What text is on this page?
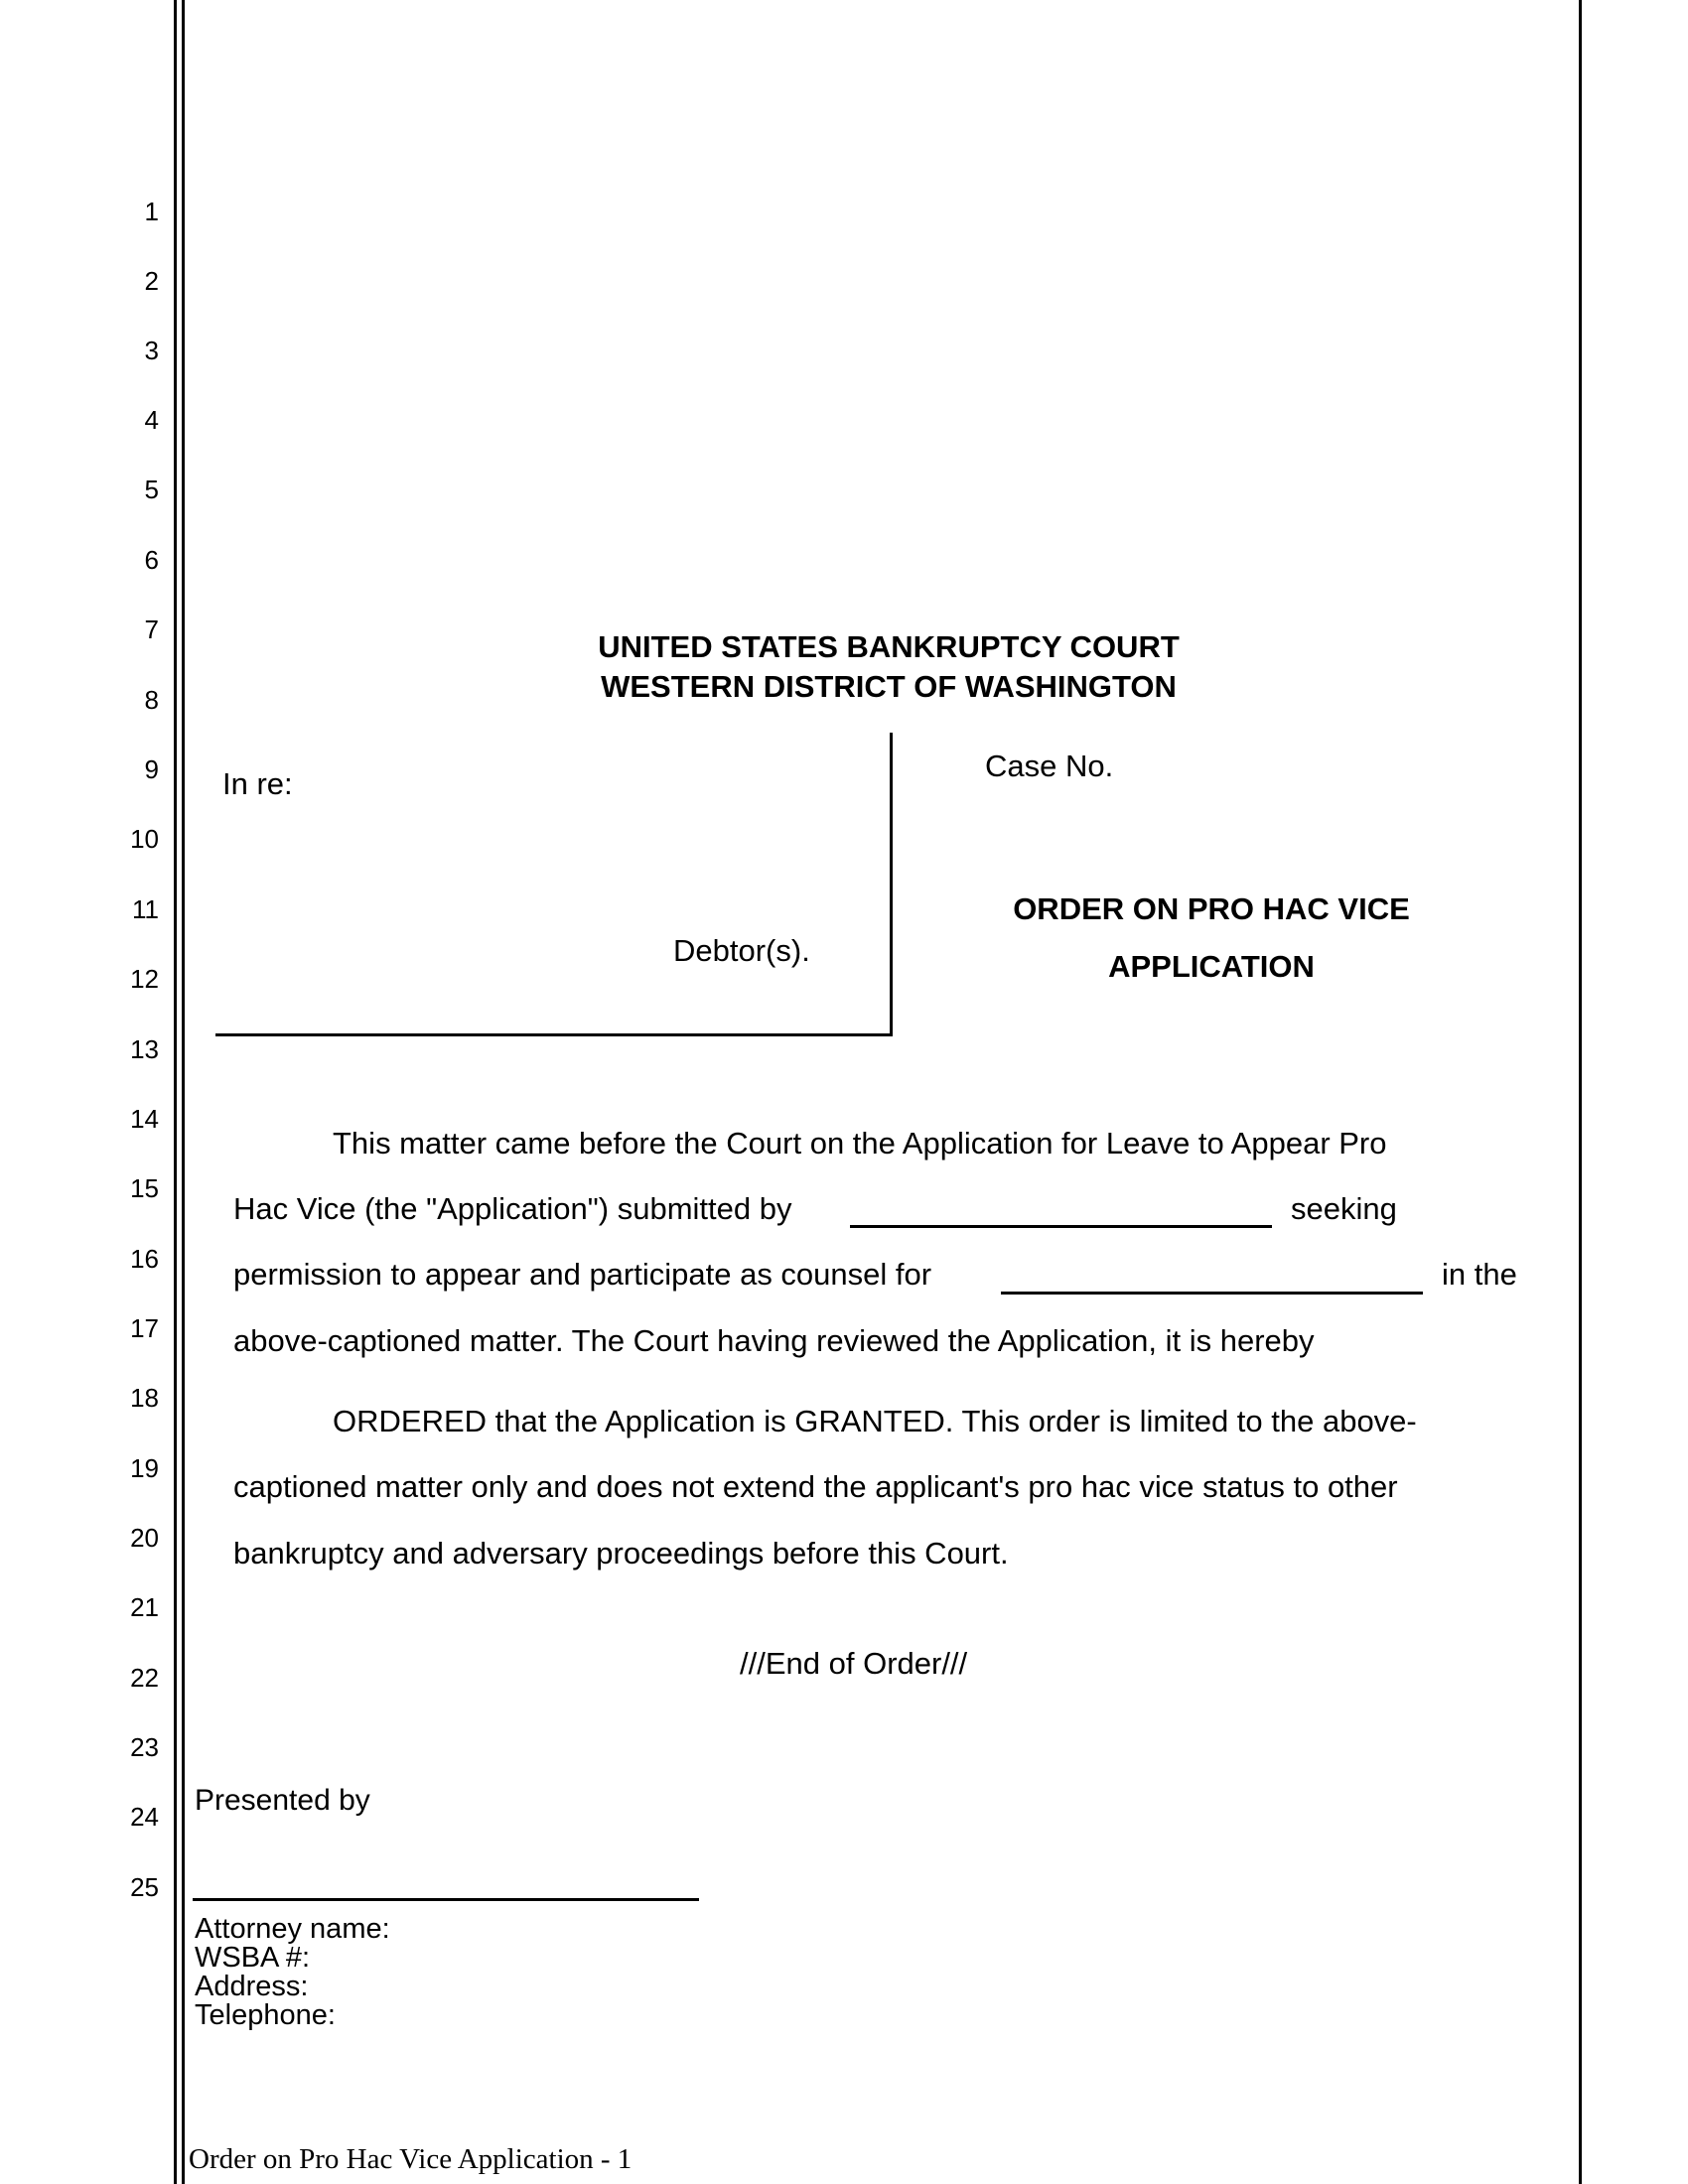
1
2
3
4
5
6
7
8
9
10
11
12
13
14
15
16
17
18
19
20
21
22
23
24
25
UNITED STATES BANKRUPTCY COURT
WESTERN DISTRICT OF WASHINGTON
In re:
Debtor(s).
Case No.
ORDER ON PRO HAC VICE
APPLICATION
This matter came before the Court on the Application for Leave to Appear Pro
Hac Vice (the "Application") submitted by	seeking
permission to appear and participate as counsel for	in the
above-captioned matter. The Court having reviewed the Application, it is hereby
ORDERED that the Application is GRANTED. This order is limited to the above-
captioned matter only and does not extend the applicant's pro hac vice status to other
bankruptcy and adversary proceedings before this Court.
///End of Order///
Presented by
Attorney name:
WSBA #:
Address:
Telephone:
Order on Pro Hac Vice Application - 1
